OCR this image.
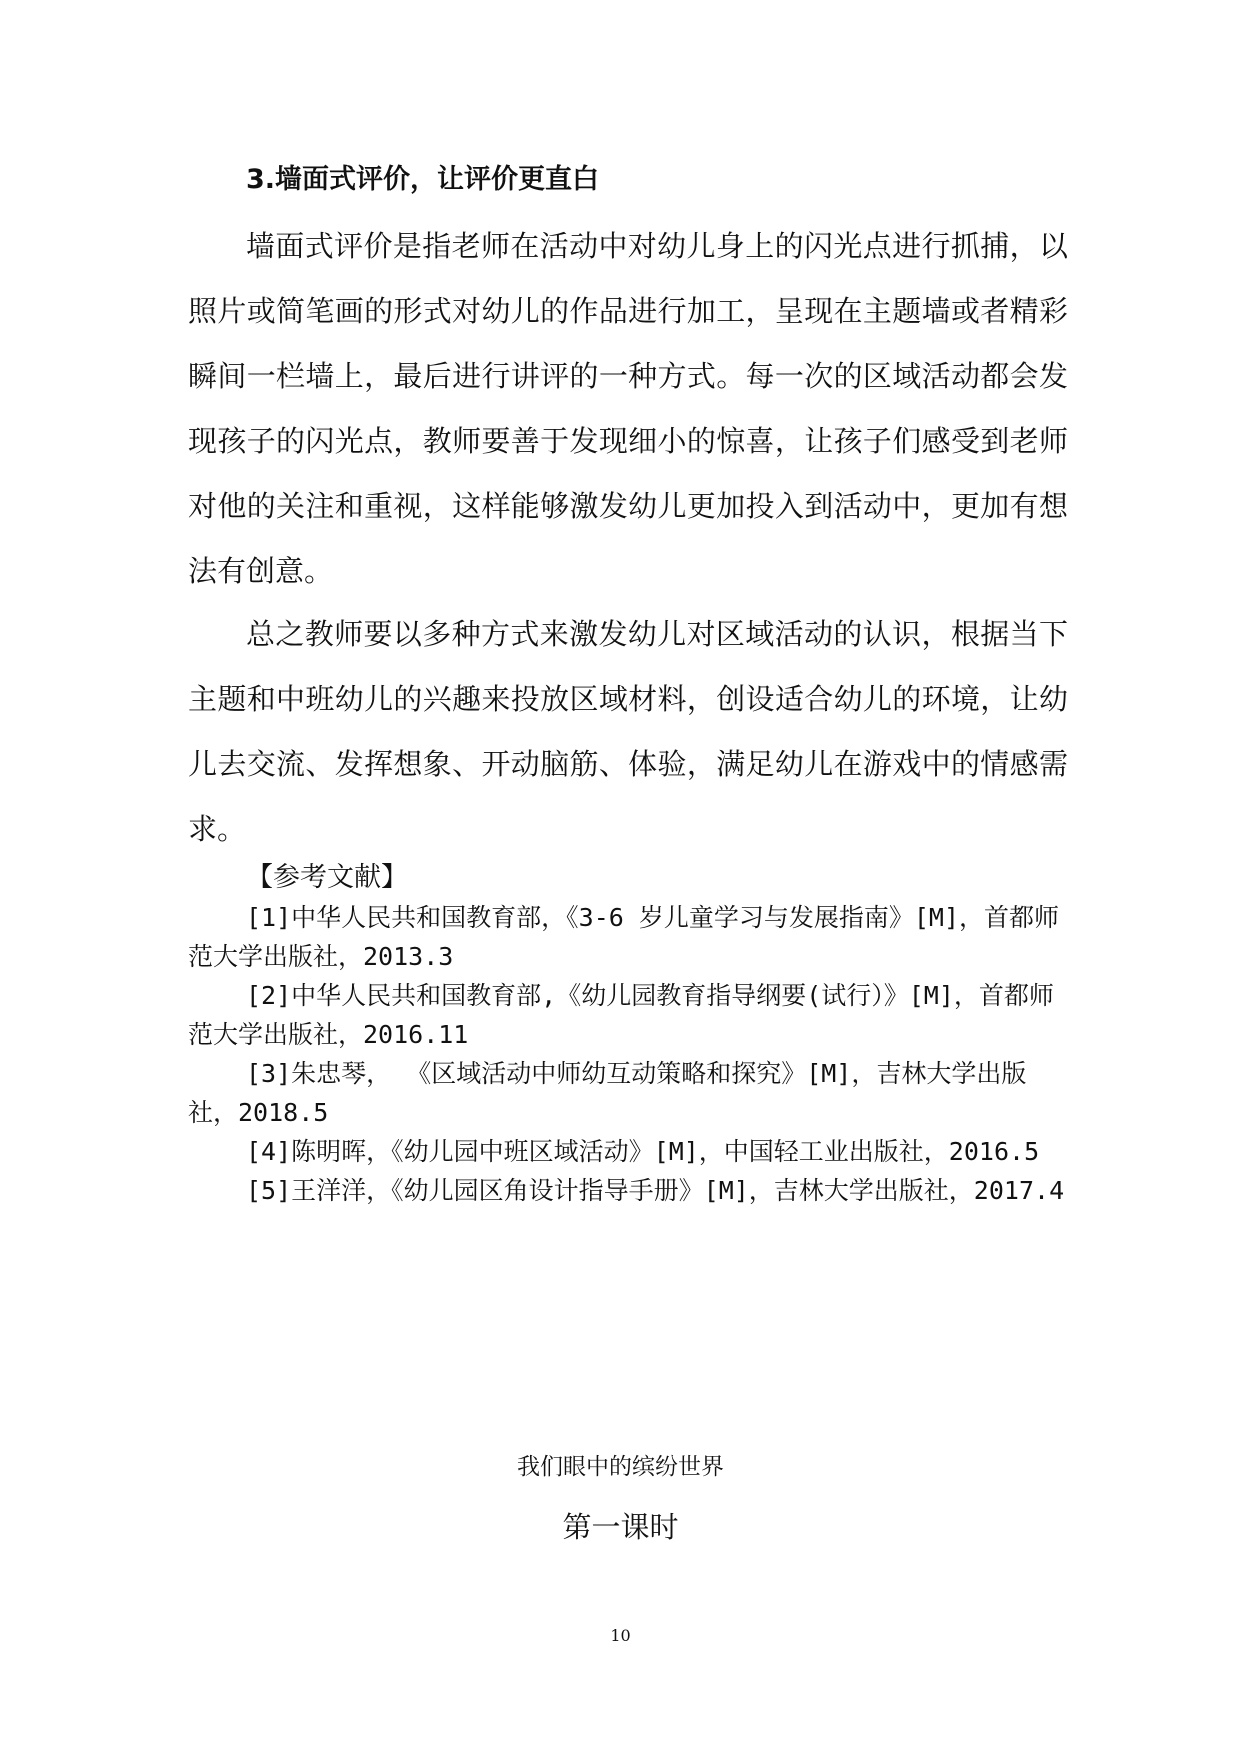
3.墙面式评价，让评价更直白

墙面式评价是指老师在活动中对幼儿身上的闪光点进行抓捕，以照片或简笔画的形式对幼儿的作品进行加工，呈现在主题墙或者精彩瞬间一栏墙上，最后进行讲评的一种方式。每一次的区域活动都会发现孩子的闪光点，教师要善于发现细小的惊喜，让孩子们感受到老师对他的关注和重视，这样能够激发幼儿更加投入到活动中，更加有想法有创意。

总之教师要以多种方式来激发幼儿对区域活动的认识，根据当下主题和中班幼儿的兴趣来投放区域材料，创设适合幼儿的环境，让幼儿去交流、发挥想象、开动脑筋、体验，满足幼儿在游戏中的情感需求。

【参考文献】

[1]中华人民共和国教育部，《3-6 岁儿童学习与发展指南》[M]，首都师范大学出版社，2013.3

[2]中华人民共和国教育部,《幼儿园教育指导纲要(试行）》[M]，首都师范大学出版社，2016.11

[3]朱忠琴， 《区域活动中师幼互动策略和探究》[M]，吉林大学出版社，2018.5

[4]陈明晖，《幼儿园中班区域活动》[M]，中国轻工业出版社，2016.5

[5]王洋洋，《幼儿园区角设计指导手册》[M]，吉林大学出版社，2017.4

我们眼中的缤纷世界
第一课时
10
